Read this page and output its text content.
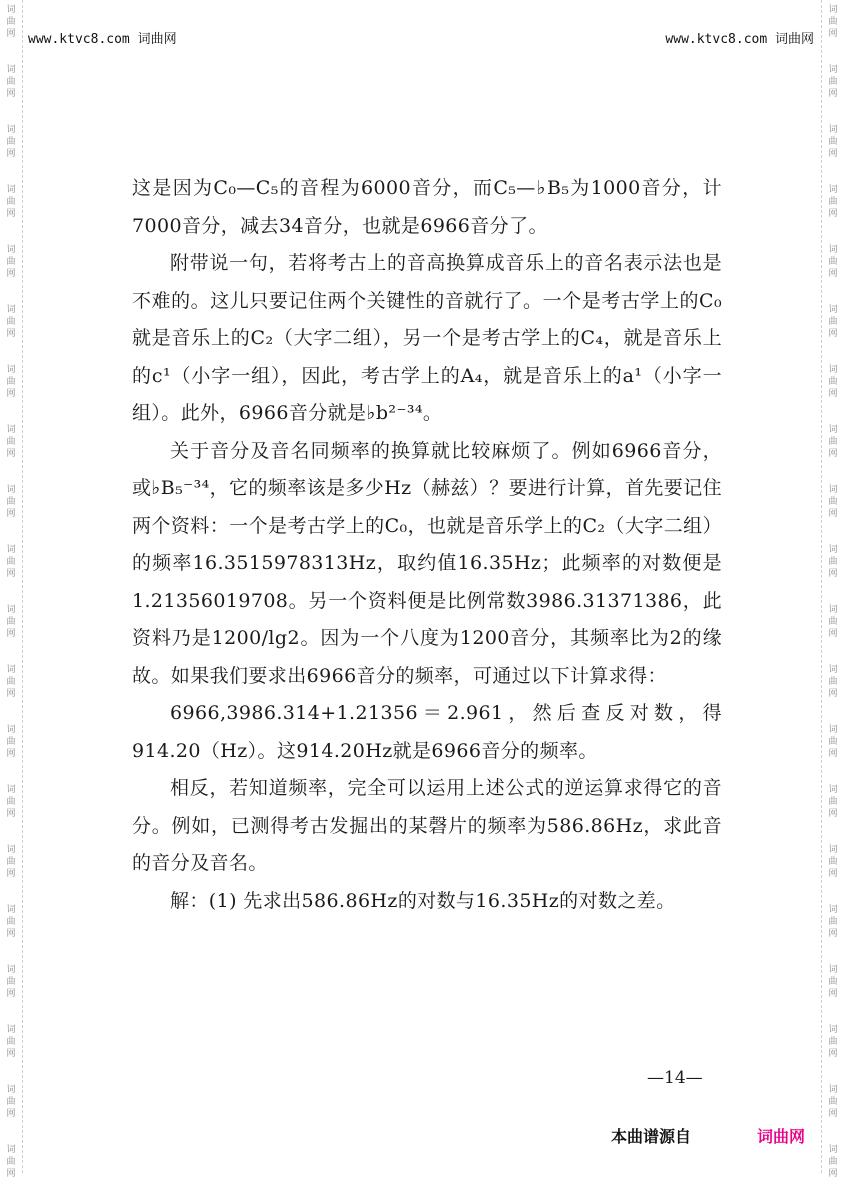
词
曲
网
词
曲
网
词
曲
网
词
曲
网
词
曲
网
词
曲
网
词
曲
网
词
曲
网
词
曲
网
词
曲
网
词
曲
网
词
曲
网
词
曲
网
词
曲
网
词
曲
网
词
曲
网
词
曲
网
词
曲
网
词
曲
网
词
曲
网
词
曲
网
词
曲
网
词
曲
网
词
曲
网
词
曲
网
词
曲
网
词
曲
网
词
曲
网
词
曲
网
词
曲
网
词
曲
网
词
曲
网
词
曲
网
词
曲
网
词
曲
网
词
曲
网
词
曲
网
词
曲
网
词
曲
网
词
曲
网
www.ktvc8.com 词曲网	www.ktvc8.com 词曲网

这是因为C₀—C₅的音程为6000音分，而C₅—♭B₅为1000音分，计7000音分，减去34音分，也就是6966音分了。

附带说一句，若将考古上的音高换算成音乐上的音名表示法也是不难的。这儿只要记住两个关键性的音就行了。一个是考古学上的C₀就是音乐上的C₂（大字二组），另一个是考古学上的C₄，就是音乐上的c¹（小字一组），因此，考古学上的A₄，就是音乐上的a¹（小字一组）。此外，6966音分就是♭b²⁻³⁴。

关于音分及音名同频率的换算就比较麻烦了。例如6966音分，或♭B₅⁻³⁴，它的频率该是多少Hz（赫兹）？要进行计算，首先要记住两个资料：一个是考古学上的C₀，也就是音乐学上的C₂（大字二组）的频率16.3515978313Hz，取约值16.35Hz；此频率的对数便是1.21356019708。另一个资料便是比例常数3986.31371386，此资料乃是1200/lg2。因为一个八度为1200音分，其频率比为2的缘故。如果我们要求出6966音分的频率，可通过以下计算求得：

6966,3986.314+1.21356＝2.961，然后查反对数，得914.20（Hz）。这914.20Hz就是6966音分的频率。

相反，若知道频率，完全可以运用上述公式的逆运算求得它的音分。例如，已测得考古发掘出的某磬片的频率为586.86Hz，求此音的音分及音名。

解：(1) 先求出586.86Hz的对数与16.35Hz的对数之差。

—14—
本曲谱源自	词曲网
